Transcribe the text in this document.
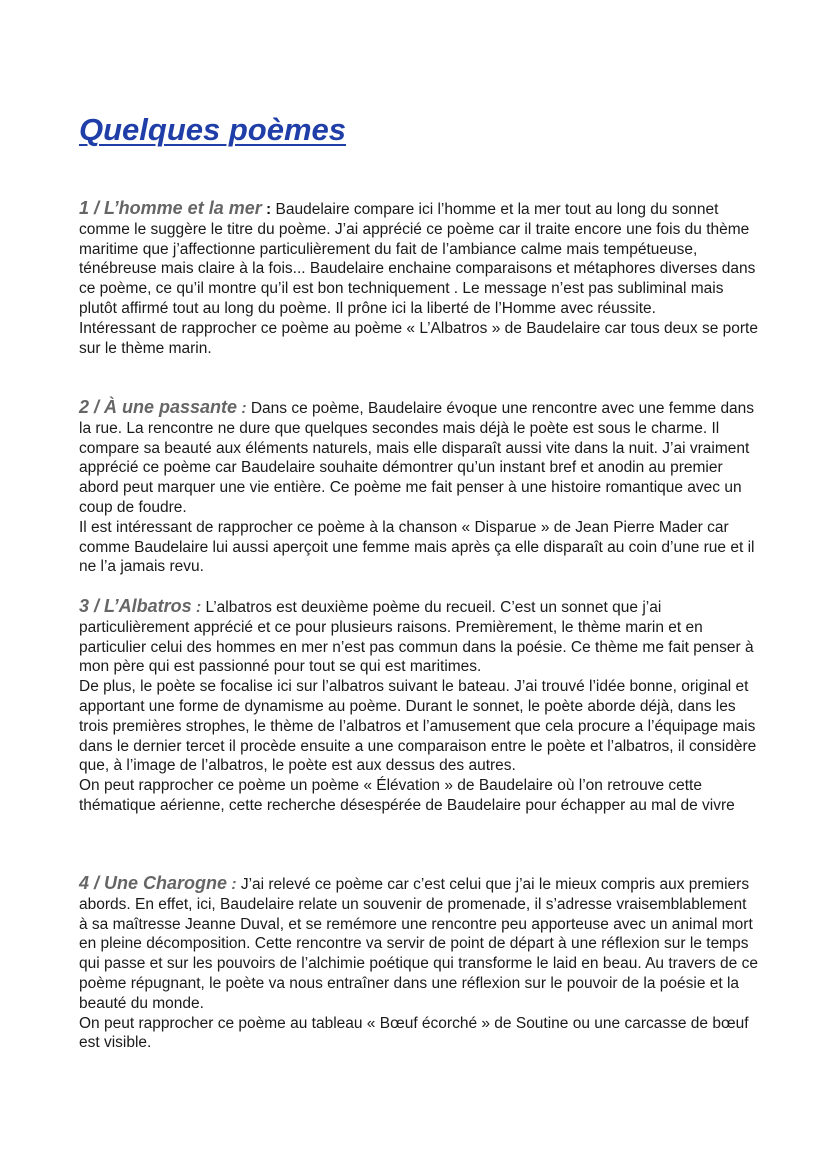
Quelques poèmes

1 / L’homme et la mer : Baudelaire compare ici l’homme et la mer tout au long du sonnet comme le suggère le titre du poème. J’ai apprécié ce poème car il traite encore une fois du thème maritime que j’affectionne particulièrement du fait de l’ambiance calme mais tempétueuse, ténébreuse mais claire à la fois... Baudelaire enchaine comparaisons et métaphores diverses dans ce poème, ce qu’il montre qu’il est bon techniquement . Le message n’est pas subliminal mais plutôt affirmé tout au long du poème. Il prône ici la liberté de l’Homme avec réussite.

Intéressant de rapprocher ce poème au poème « L’Albatros » de Baudelaire car tous deux se porte sur le thème marin.

2 / À une passante : Dans ce poème, Baudelaire évoque une rencontre avec une femme dans la rue. La rencontre ne dure que quelques secondes mais déjà le poète est sous le charme. Il compare sa beauté aux éléments naturels, mais elle disparaît aussi vite dans la nuit. J’ai vraiment apprécié ce poème car Baudelaire souhaite démontrer qu’un instant bref et anodin au premier abord peut marquer une vie entière. Ce poème me fait penser à une histoire romantique avec un coup de foudre.

Il est intéressant de rapprocher ce poème à la chanson « Disparue » de Jean Pierre Mader car comme Baudelaire lui aussi aperçoit une femme mais après ça elle disparaît au coin d’une rue et il ne l’a jamais revu.

3 / L’Albatros : L’albatros est deuxième poème du recueil. C’est un sonnet que j’ai particulièrement apprécié et ce pour plusieurs raisons. Premièrement, le thème marin et en particulier celui des hommes en mer n’est pas commun dans la poésie. Ce thème me fait penser à mon père qui est passionné pour tout se qui est maritimes.

De plus, le poète se focalise ici sur l’albatros suivant le bateau. J’ai trouvé l’idée bonne, original et apportant une forme de dynamisme au poème. Durant le sonnet, le poète aborde déjà, dans les trois premières strophes, le thème de l’albatros et l’amusement que cela procure a l’équipage mais dans le dernier tercet il procède ensuite a une comparaison entre le poète et l’albatros, il considère que, à l’image de l’albatros, le poète est aux dessus des autres.

On peut rapprocher ce poème un poème « Élévation » de Baudelaire où l’on retrouve cette thématique aérienne, cette recherche désespérée de Baudelaire pour échapper au mal de vivre

4 / Une Charogne : J’ai relevé ce poème car c’est celui que j’ai le mieux compris aux premiers abords. En effet, ici, Baudelaire relate un souvenir de promenade, il s’adresse vraisemblablement à sa maîtresse Jeanne Duval, et se remémore une rencontre peu apporteuse avec un animal mort en pleine décomposition. Cette rencontre va servir de point de départ à une réflexion sur le temps qui passe et sur les pouvoirs de l’alchimie poétique qui transforme le laid en beau. Au travers de ce poème répugnant, le poète va nous entraîner dans une réflexion sur le pouvoir de la poésie et la beauté du monde.

On peut rapprocher ce poème au tableau « Bœuf écorché » de Soutine ou une carcasse de bœuf est visible.
